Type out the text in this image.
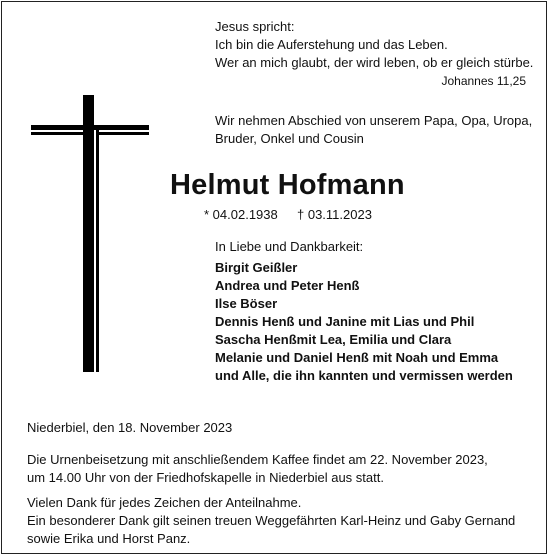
Jesus spricht:
Ich bin die Auferstehung und das Leben.
Wer an mich glaubt, der wird leben, ob er gleich stürbe.
Johannes 11,25
Wir nehmen Abschied von unserem Papa, Opa, Uropa,
Bruder, Onkel und Cousin
Helmut Hofmann
* 04.02.1938 † 03.11.2023
In Liebe und Dankbarkeit:
Birgit Geißler
Andrea und Peter Henß
Ilse Böser
Dennis Henß und Janine mit Lias und Phil
Sascha Henßmit Lea, Emilia und Clara
Melanie und Daniel Henß mit Noah und Emma
und Alle, die ihn kannten und vermissen werden
Niederbiel, den 18. November 2023
Die Urnenbeisetzung mit anschließendem Kaffee findet am 22. November 2023,
um 14.00 Uhr von der Friedhofskapelle in Niederbiel aus statt.
Vielen Dank für jedes Zeichen der Anteilnahme.
Ein besonderer Dank gilt seinen treuen Weggefährten Karl-Heinz und Gaby Gernand
sowie Erika und Horst Panz.
